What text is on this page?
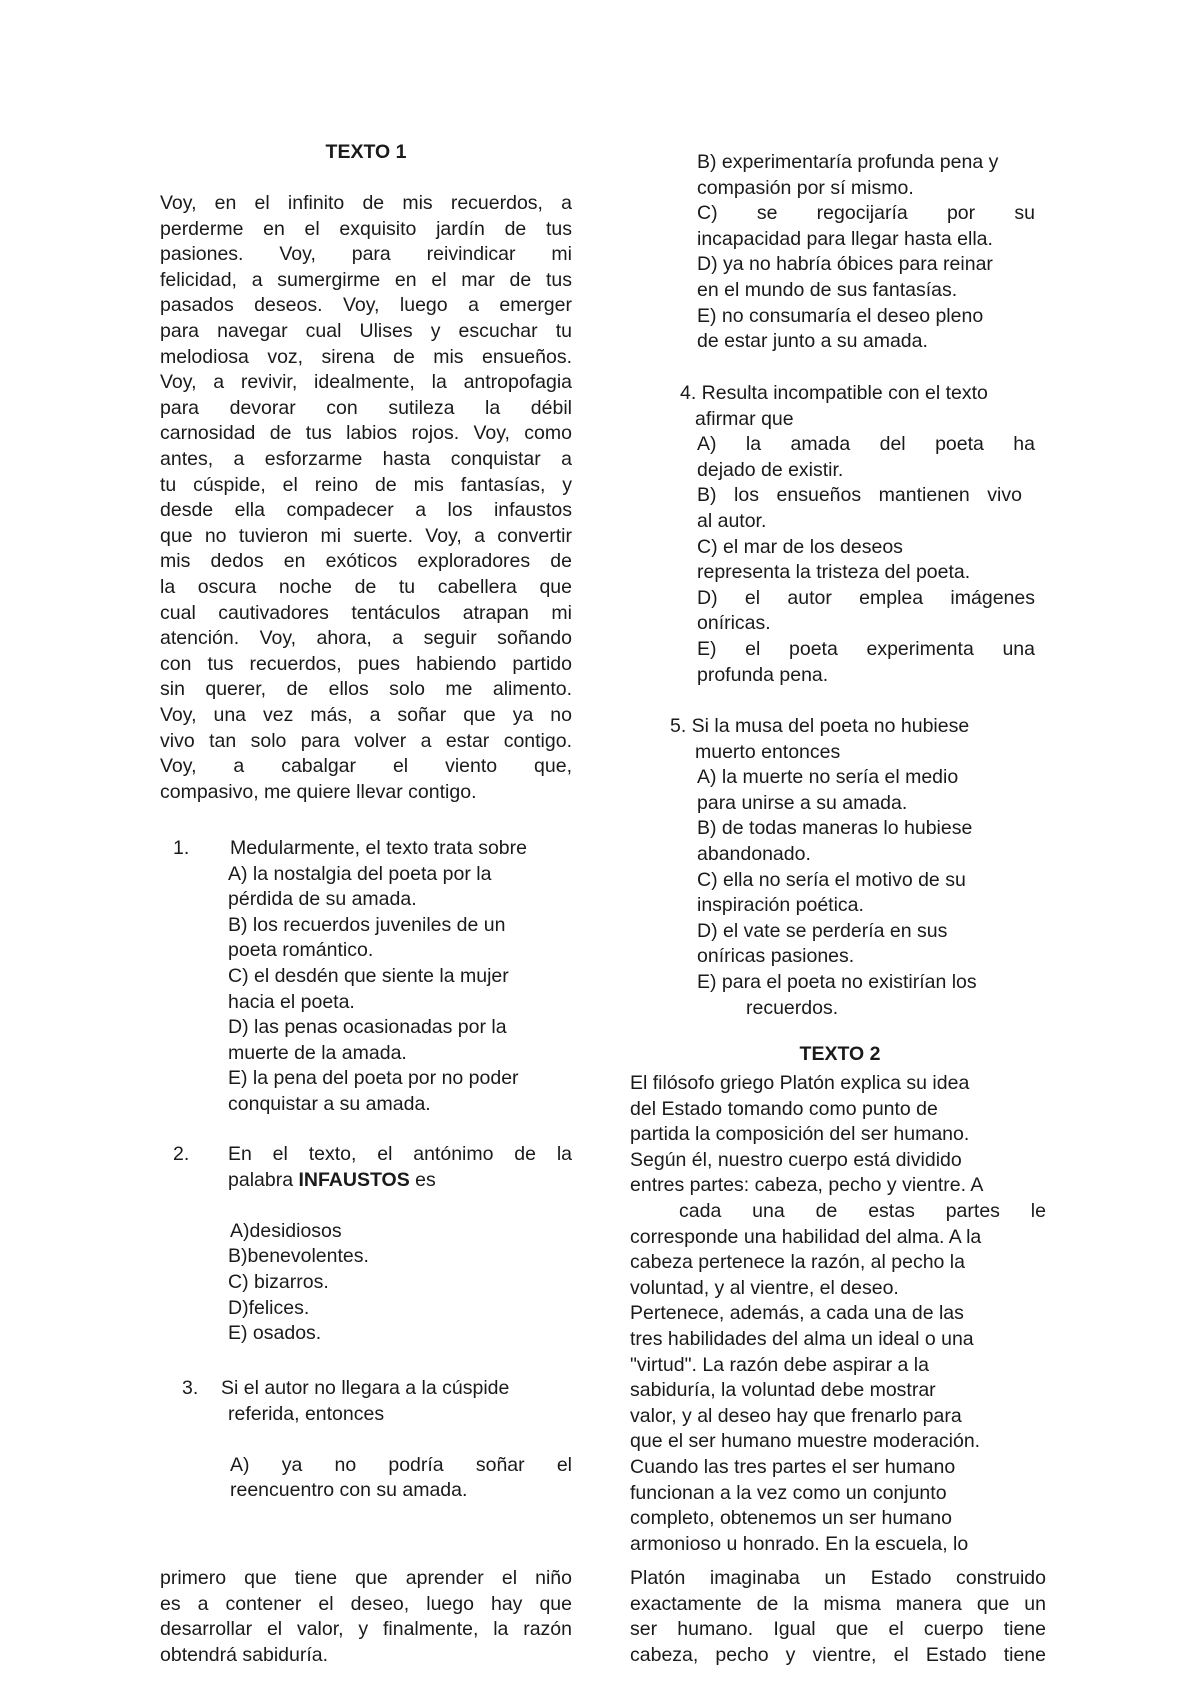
TEXTO 1
Voy, en el infinito de mis recuerdos, a
perderme en el exquisito jardín de tus
pasiones. Voy, para reivindicar mi
felicidad, a sumergirme en el mar de tus
pasados deseos. Voy, luego a emerger
para navegar cual Ulises y escuchar tu
melodiosa voz, sirena de mis ensueños.
Voy, a revivir, idealmente, la antropofagia
para devorar con sutileza la débil
carnosidad de tus labios rojos. Voy, como
antes, a esforzarme hasta conquistar a
tu cúspide, el reino de mis fantasías, y
desde ella compadecer a los infaustos
que no tuvieron mi suerte. Voy, a convertir
mis dedos en exóticos exploradores de
la oscura noche de tu cabellera que
cual cautivadores tentáculos atrapan mi
atención. Voy, ahora, a seguir soñando
con tus recuerdos, pues habiendo partido
sin querer, de ellos solo me alimento.
Voy, una vez más, a soñar que ya no
vivo tan solo para volver a estar contigo.
Voy, a cabalgar el viento que,
compasivo, me quiere llevar contigo.
1. Medularmente, el texto trata sobre
A) la nostalgia del poeta por la
pérdida de su amada.
B) los recuerdos juveniles de un
poeta romántico.
C) el desdén que siente la mujer
hacia el poeta.
D) las penas ocasionadas por la
muerte de la amada.
E) la pena del poeta por no poder
conquistar a su amada.
2. En el texto, el antónimo de la
palabra INFAUSTOS es
A)desidiosos
B)benevolentes.
C) bizarros.
D)felices.
E) osados.
3. Si el autor no llegara a la cúspide
referida, entonces
A) ya no podría soñar el
reencuentro con su amada.
primero que tiene que aprender el niño
es a contener el deseo, luego hay que
desarrollar el valor, y finalmente, la razón
obtendrá sabiduría.
B) experimentaría profunda pena y
compasión por sí mismo.
C) se regocijaría por su
incapacidad para llegar hasta ella.
D) ya no habría óbices para reinar
en el mundo de sus fantasías.
E) no consumaría el deseo pleno
de estar junto a su amada.
4. Resulta incompatible con el texto
afirmar que
A) la amada del poeta ha
dejado de existir.
B) los ensueños mantienen vivo
al autor.
C) el mar de los deseos
representa la tristeza del poeta.
D) el autor emplea imágenes
oníricas.
E) el poeta experimenta una
profunda pena.
5. Si la musa del poeta no hubiese
muerto entonces
A) la muerte no sería el medio
para unirse a su amada.
B) de todas maneras lo hubiese
abandonado.
C) ella no sería el motivo de su
inspiración poética.
D) el vate se perdería en sus
oníricas pasiones.
E) para el poeta no existirían los
recuerdos.
TEXTO 2
El filósofo griego Platón explica su idea
del Estado tomando como punto de
partida la composición del ser humano.
Según él, nuestro cuerpo está dividido
entres partes: cabeza, pecho y vientre. A
cada una de estas partes le
corresponde una habilidad del alma. A la
cabeza pertenece la razón, al pecho la
voluntad, y al vientre, el deseo.
Pertenece, además, a cada una de las
tres habilidades del alma un ideal o una
"virtud". La razón debe aspirar a la
sabiduría, la voluntad debe mostrar
valor, y al deseo hay que frenarlo para
que el ser humano muestre moderación.
Cuando las tres partes el ser humano
funcionan a la vez como un conjunto
completo, obtenemos un ser humano
armonioso u honrado. En la escuela, lo
Platón imaginaba un Estado construido
exactamente de la misma manera que un
ser humano. Igual que el cuerpo tiene
cabeza, pecho y vientre, el Estado tiene
